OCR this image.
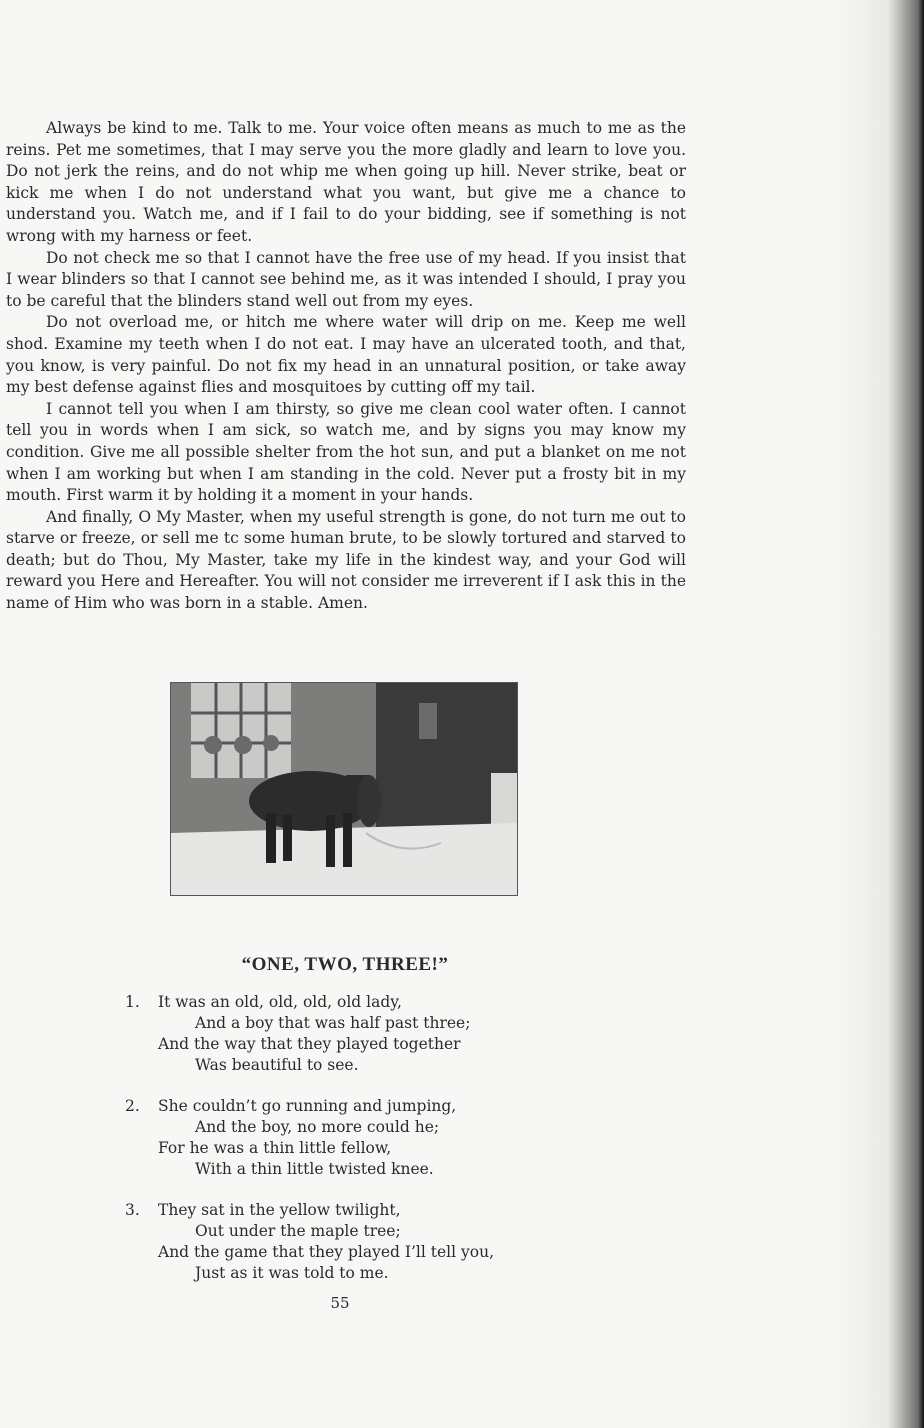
Always be kind to me. Talk to me. Your voice often means as much to me as the reins. Pet me sometimes, that I may serve you the more gladly and learn to love you. Do not jerk the reins, and do not whip me when going up hill. Never strike, beat or kick me when I do not understand what you want, but give me a chance to understand you. Watch me, and if I fail to do your bidding, see if something is not wrong with my harness or feet.

Do not check me so that I cannot have the free use of my head. If you insist that I wear blinders so that I cannot see behind me, as it was intended I should, I pray you to be careful that the blinders stand well out from my eyes.

Do not overload me, or hitch me where water will drip on me. Keep me well shod. Examine my teeth when I do not eat. I may have an ulcerated tooth, and that, you know, is very painful. Do not fix my head in an unnatural position, or take away my best defense against flies and mosquitoes by cutting off my tail.

I cannot tell you when I am thirsty, so give me clean cool water often. I cannot tell you in words when I am sick, so watch me, and by signs you may know my condition. Give me all possible shelter from the hot sun, and put a blanket on me not when I am working but when I am standing in the cold. Never put a frosty bit in my mouth. First warm it by holding it a moment in your hands.

And finally, O My Master, when my useful strength is gone, do not turn me out to starve or freeze, or sell me tc some human brute, to be slowly tortured and starved to death; but do Thou, My Master, take my life in the kindest way, and your God will reward you Here and Hereafter. You will not consider me irreverent if I ask this in the name of Him who was born in a stable. Amen.

“ONE, TWO, THREE!”
1. It was an old, old, old, old lady,
And a boy that was half past three;
And the way that they played together
Was beautiful to see.
2. She couldn’t go running and jumping,
And the boy, no more could he;
For he was a thin little fellow,
With a thin little twisted knee.
3. They sat in the yellow twilight,
Out under the maple tree;
And the game that they played I’ll tell you,
Just as it was told to me.
55
